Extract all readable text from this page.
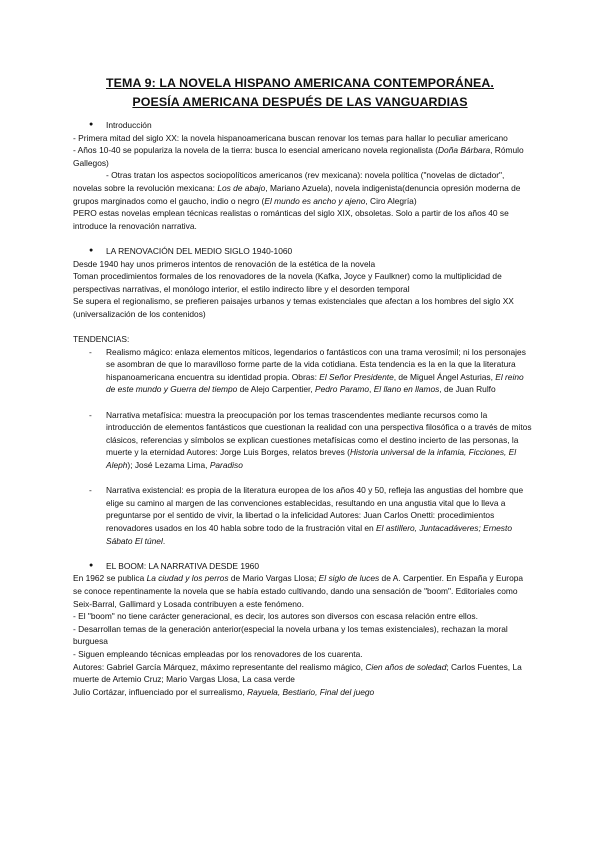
TEMA 9: LA NOVELA HISPANO AMERICANA CONTEMPORÁNEA.
POESÍA AMERICANA DESPUÉS DE LAS VANGUARDIAS

● Introducción

- Primera mitad del siglo XX: la novela hispanoamericana buscan renovar los temas para hallar lo peculiar americano

- Años 10-40 se populariza la novela de la tierra: busca lo esencial americano novela regionalista (Doña Bárbara, Rómulo Gallegos)

- Otras tratan los aspectos sociopolíticos americanos (rev mexicana): novela política ("novelas de dictador", novelas sobre la revolución mexicana: Los de abajo, Mariano Azuela), novela indigenista(denuncia opresión moderna de grupos marginados como el gaucho, indio o negro (El mundo es ancho y ajeno, Ciro Alegría)

PERO estas novelas emplean técnicas realistas o románticas del siglo XIX, obsoletas. Solo a partir de los años 40 se introduce la renovación narrativa.

● LA RENOVACIÓN DEL MEDIO SIGLO 1940-1060

Desde 1940 hay unos primeros intentos de renovación de la estética de la novela

Toman procedimientos formales de los renovadores de la novela (Kafka, Joyce y Faulkner) como la multiplicidad de perspectivas narrativas, el monólogo interior, el estilo indirecto libre y el desorden temporal

Se supera el regionalismo, se prefieren paisajes urbanos y temas existenciales que afectan a los hombres del siglo XX (universalización de los contenidos)

TENDENCIAS:

- Realismo mágico: enlaza elementos míticos, legendarios o fantásticos con una trama verosímil; ni los personajes se asombran de que lo maravilloso forme parte de la vida cotidiana. Esta tendencia es la en la que la literatura hispanoamericana encuentra su identidad propia. Obras: El Señor Presidente, de Miguel Ángel Asturias, El reino de este mundo y Guerra del tiempo de Alejo Carpentier, Pedro Paramo, El llano en llamos, de Juan Rulfo

- Narrativa metafísica: muestra la preocupación por los temas trascendentes mediante recursos como la introducción de elementos fantásticos que cuestionan la realidad con una perspectiva filosófica o a través de mitos clásicos, referencias y símbolos se explican cuestiones metafísicas como el destino incierto de las personas, la muerte y la eternidad Autores: Jorge Luis Borges, relatos breves (Historia universal de la infamia, Ficciones, El Aleph); José Lezama Lima, Paradiso

- Narrativa existencial: es propia de la literatura europea de los años 40 y 50, refleja las angustias del hombre que elige su camino al margen de las convenciones establecidas, resultando en una angustia vital que lo lleva a preguntarse por el sentido de vivir, la libertad o la infelicidad Autores: Juan Carlos Onetti: procedimientos renovadores usados en los 40 habla sobre todo de la frustración vital en El astillero, Juntacadáveres; Ernesto Sábato El túnel.

● EL BOOM: LA NARRATIVA DESDE 1960

En 1962 se publica La ciudad y los perros de Mario Vargas Llosa; El siglo de luces de A. Carpentier. En España y Europa se conoce repentinamente la novela que se había estado cultivando, dando una sensación de "boom". Editoriales como Seix-Barral, Gallimard y Losada contribuyen a este fenómeno.

- El "boom" no tiene carácter generacional, es decir, los autores son diversos con escasa relación entre ellos.

- Desarrollan temas de la generación anterior(especial la novela urbana y los temas existenciales), rechazan la moral burguesa

- Siguen empleando técnicas empleadas por los renovadores de los cuarenta.

Autores: Gabriel García Márquez, máximo representante del realismo mágico, Cien años de soledad; Carlos Fuentes, La muerte de Artemio Cruz; Mario Vargas Llosa, La casa verde

Julio Cortázar, influenciado por el surrealismo, Rayuela, Bestiario, Final del juego
